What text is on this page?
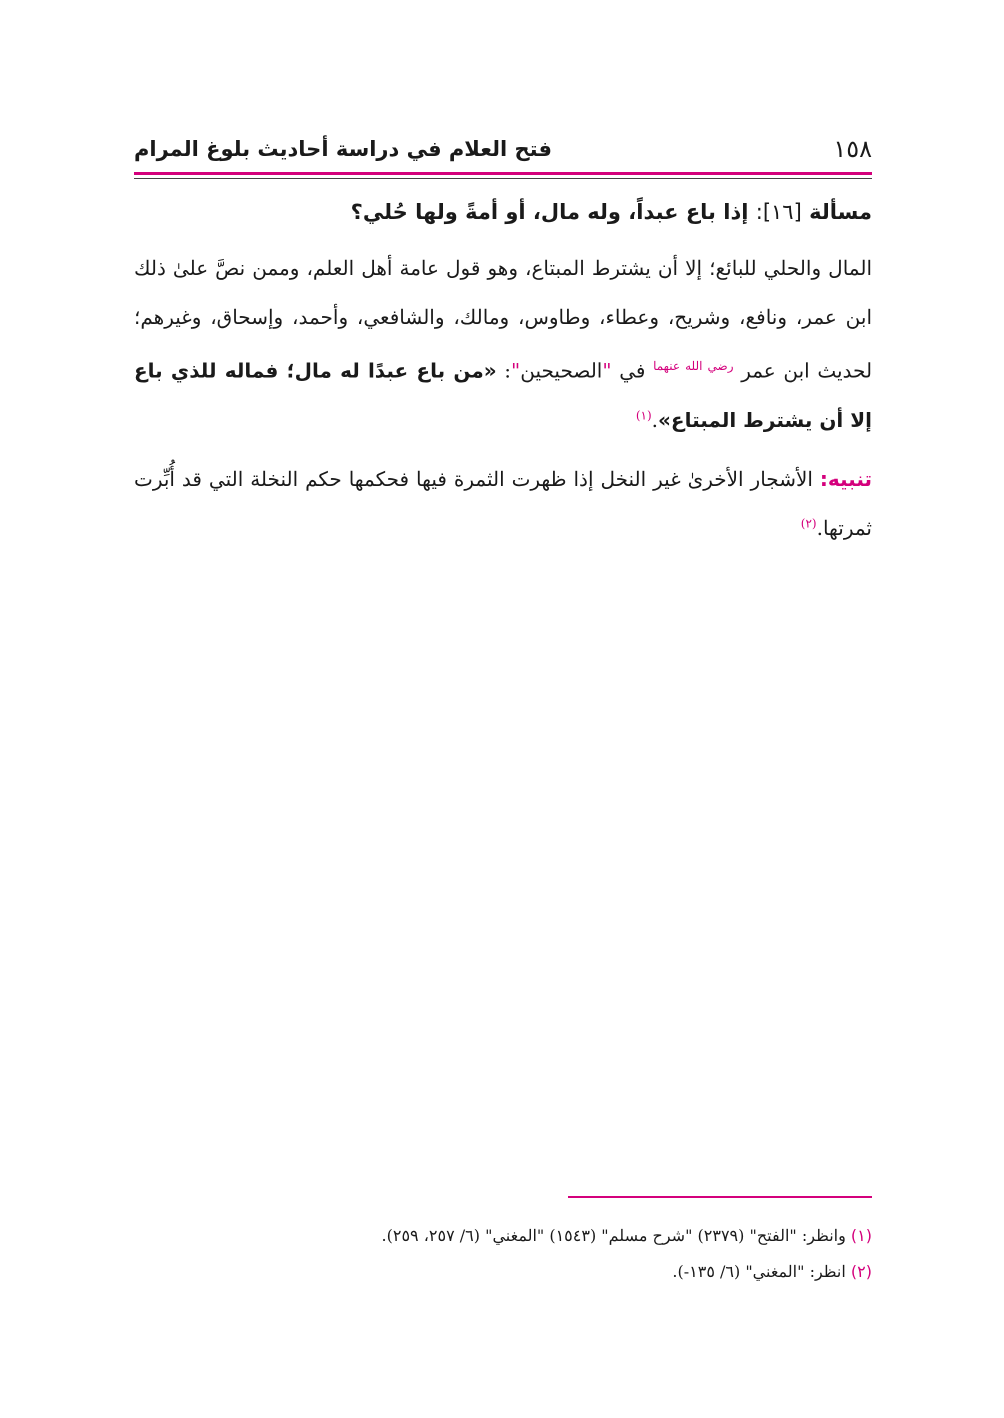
١٥٨
فتح العلام في دراسة أحاديث بلوغ المرام

مسألة [١٦]: إذا باع عبداً، وله مال، أو أمةً ولها حُلي؟

المال والحلي للبائع؛ إلا أن يشترط المبتاع، وهو قول عامة أهل العلم، وممن نصَّ علىٰ ذلك ابن عمر، ونافع، وشريح، وعطاء، وطاوس، ومالك، والشافعي، وأحمد، وإسحاق، وغيرهم؛ لحديث ابن عمر $^{رضي الله عنهما}$ في "الصحيحين": «من باع عبدًا له مال؛ فماله للذي باع إلا أن يشترط المبتاع».$^{(١)}$

تنبيه: الأشجار الأخرىٰ غير النخل إذا ظهرت الثمرة فيها فحكمها حكم النخلة التي قد أُبِّرت ثمرتها.$^{(٢)}$

(١) وانظر: "الفتح" (٢٣٧٩) "شرح مسلم" (١٥٤٣) "المغني" (٦/ ٢٥٧، ٢٥٩).

(٢) انظر: "المغني" (٦/ ١٣٥-).
